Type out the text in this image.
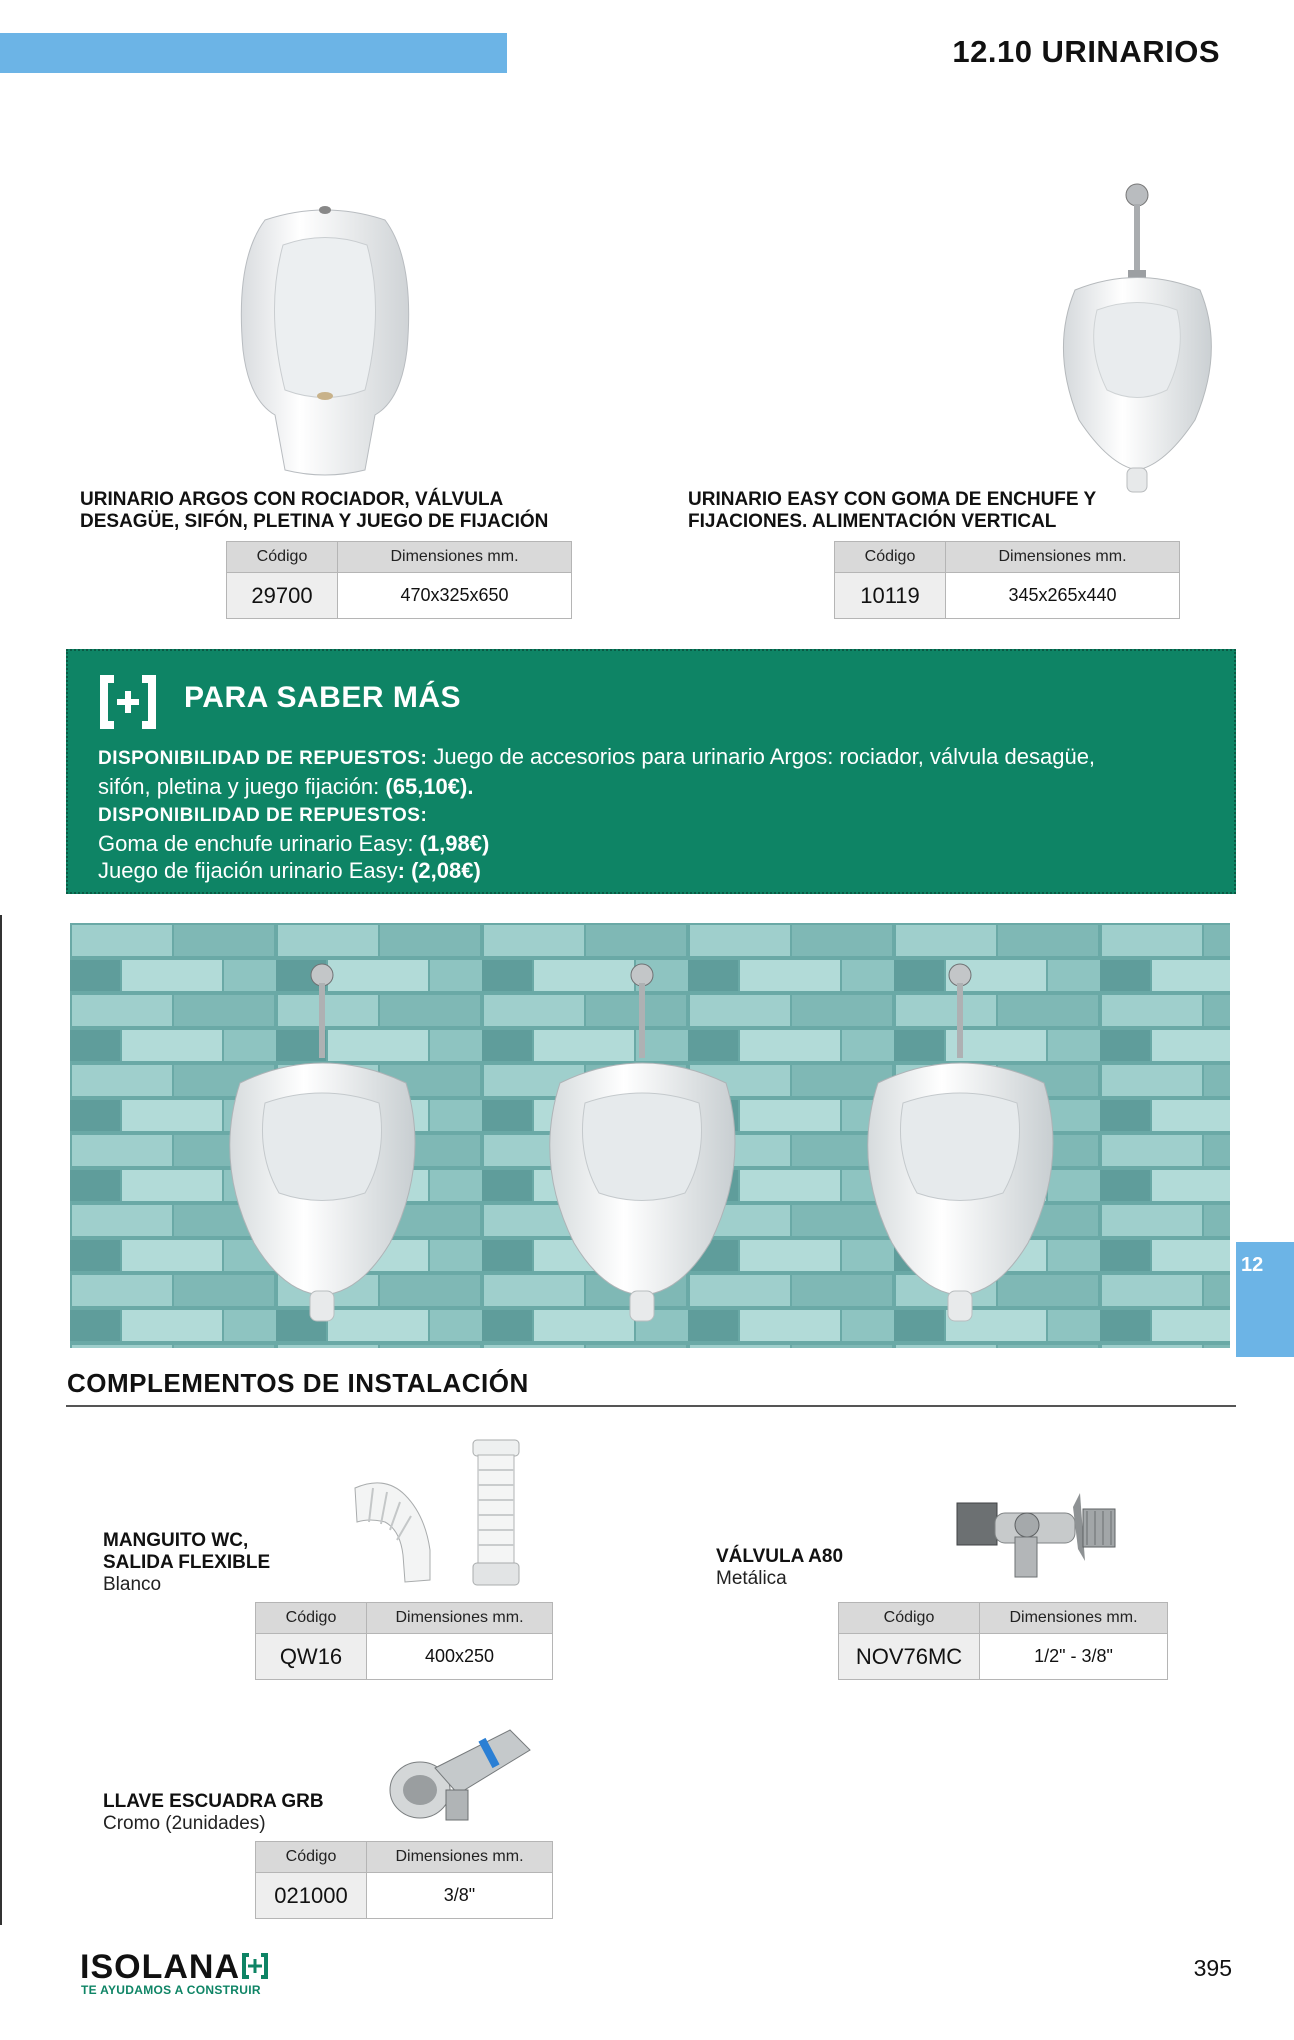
12.10 URINARIOS
URINARIO ARGOS CON ROCIADOR, VÁLVULA
DESAGÜE, SIFÓN, PLETINA Y JUEGO DE FIJACIÓN
Código	Dimensiones mm.
29700	470x325x650
URINARIO EASY CON GOMA DE ENCHUFE Y
FIJACIONES. ALIMENTACIÓN VERTICAL
Código	Dimensiones mm.
10119	345x265x440
PARA SABER MÁS
DISPONIBILIDAD DE REPUESTOS: Juego de accesorios para urinario Argos: rociador, válvula desagüe,
sifón, pletina y juego fijación: (65,10€).
DISPONIBILIDAD DE REPUESTOS:
Goma de enchufe urinario Easy: (1,98€)
Juego de fijación urinario Easy: (2,08€)
12
COMPLEMENTOS DE INSTALACIÓN
MANGUITO WC,
SALIDA FLEXIBLE
Blanco
Código	Dimensiones mm.
QW16	400x250
VÁLVULA A80
Metálica
Código	Dimensiones mm.
NOV76MC	1/2" - 3/8"
LLAVE ESCUADRA GRB
Cromo (2unidades)
Código	Dimensiones mm.
021000	3/8"
ISOLANA
TE AYUDAMOS A CONSTRUIR
395
